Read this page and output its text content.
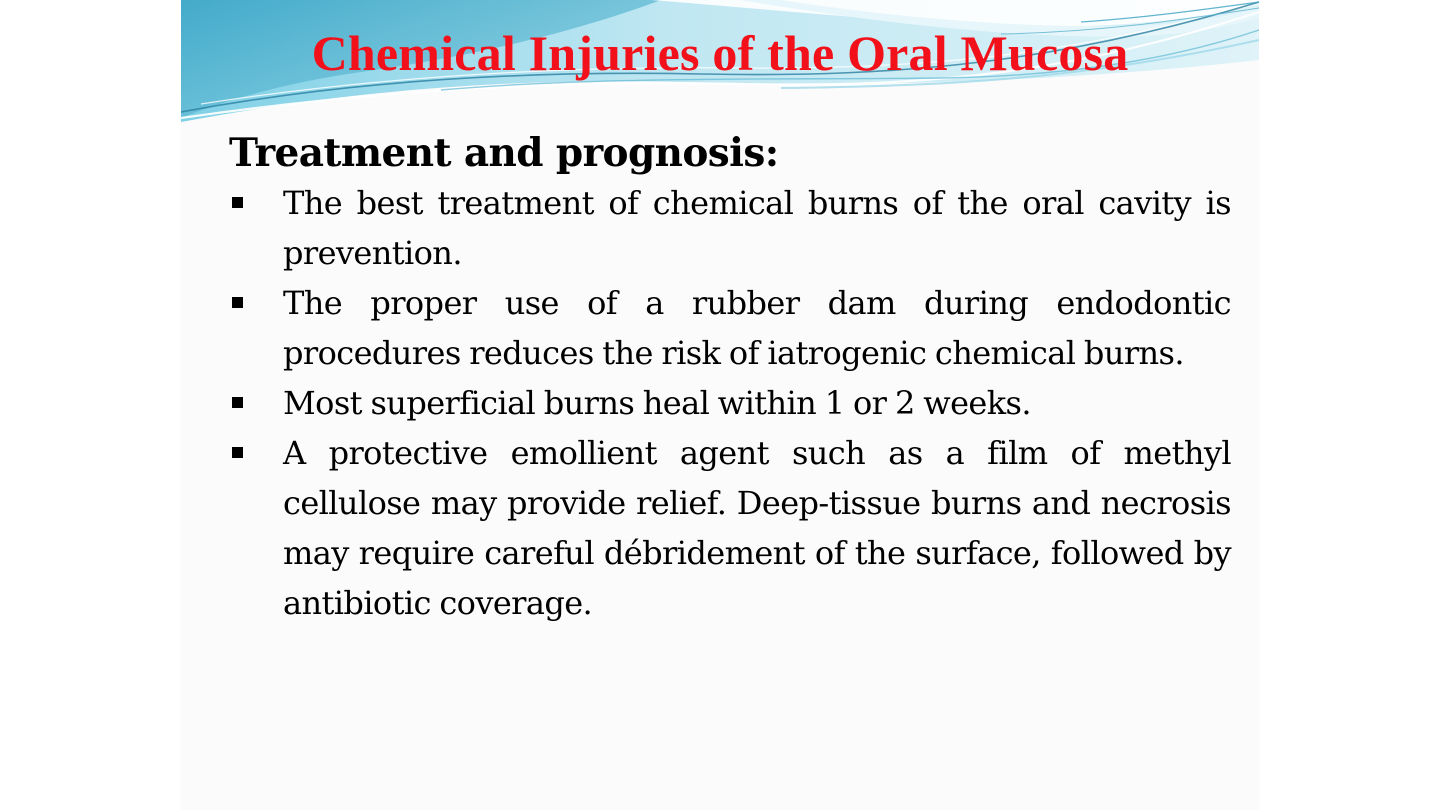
Chemical Injuries of the Oral Mucosa

Treatment and prognosis:

The best treatment of chemical burns of the oral cavity is prevention.
The proper use of a rubber dam during endodontic procedures reduces the risk of iatrogenic chemical burns.
Most superficial burns heal within 1 or 2 weeks.
A protective emollient agent such as a film of methyl cellulose may provide relief. Deep-tissue burns and necrosis may require careful débridement of the surface, followed by antibiotic coverage.
